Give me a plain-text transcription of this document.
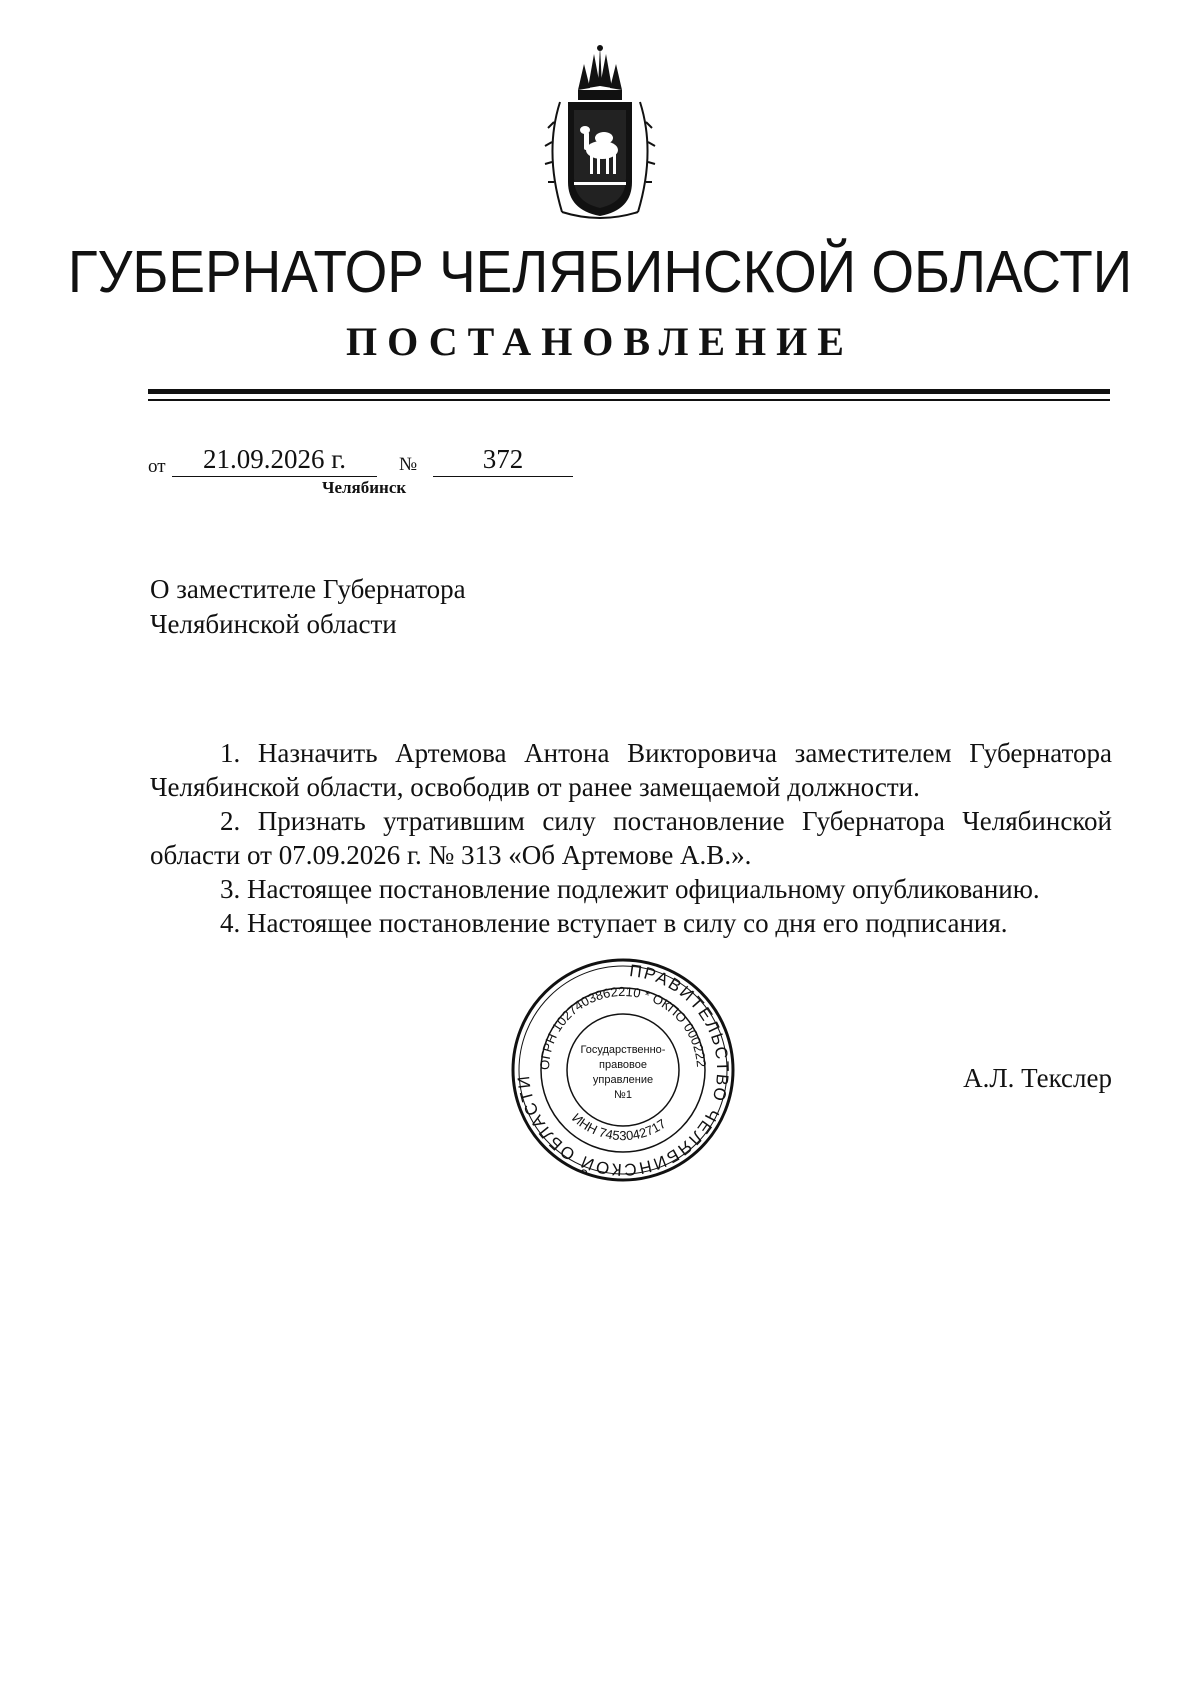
ГУБЕРНАТОР ЧЕЛЯБИНСКОЙ ОБЛАСТИ
ПОСТАНОВЛЕНИЕ
от	21.09.2026 г.	№	372
Челябинск
О заместителе Губернатора
Челябинской области

1. Назначить Артемова Антона Викторовича заместителем Губернатора Челябинской области, освободив от ранее замещаемой должности.

2. Признать утратившим силу постановление Губернатора Челябинской области от 07.09.2026 г. № 313 «Об Артемове А.В.».

3. Настоящее постановление подлежит официальному опубликованию.

4. Настоящее постановление вступает в силу со дня его подписания.

ПРАВИТЕЛЬСТВО ЧЕЛЯБИНСКОЙ ОБЛАСТИ
ОГРН 1027403862210 * ОКПО 000222
ИНН 7453042717
Государственно-
правовое
управление
№1
А.Л. Текслер
